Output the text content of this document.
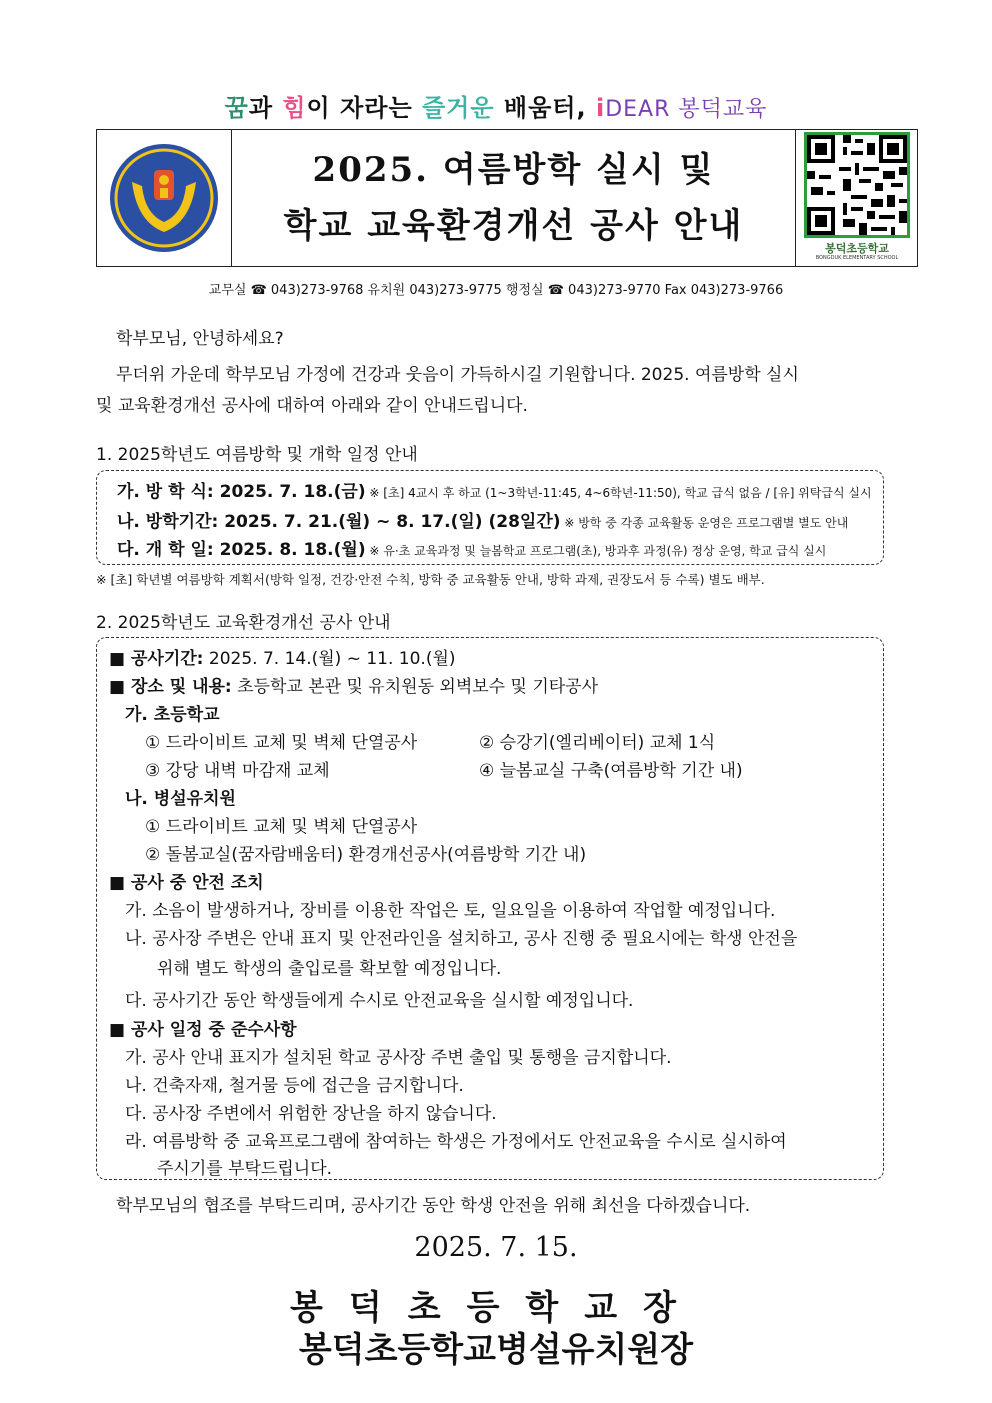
꿈과 힘이 자라는 즐거운 배움터, iDEAR 봉덕교육
2025. 여름방학 실시 및
학교 교육환경개선 공사 안내
봉덕초등학교
BONGDUK ELEMENTARY SCHOOL
교무실 ☎ 043)273-9768 유치원 043)273-9775 행정실 ☎ 043)273-9770 Fax 043)273-9766
학부모님, 안녕하세요?
무더위 가운데 학부모님 가정에 건강과 웃음이 가득하시길 기원합니다. 2025. 여름방학 실시
및 교육환경개선 공사에 대하여 아래와 같이 안내드립니다.
1. 2025학년도 여름방학 및 개학 일정 안내
가. 방 학 식: 2025. 7. 18.(금) ※ [초] 4교시 후 하교 (1~3학년-11:45, 4~6학년-11:50), 학교 급식 없음 / [유] 위탁급식 실시
나. 방학기간: 2025. 7. 21.(월) ~ 8. 17.(일) (28일간) ※ 방학 중 각종 교육활동 운영은 프로그램별 별도 안내
다. 개 학 일: 2025. 8. 18.(월) ※ 유·초 교육과정 및 늘봄학교 프로그램(초), 방과후 과정(유) 정상 운영, 학교 급식 실시
※ [초] 학년별 여름방학 계획서(방학 일정, 건강·안전 수칙, 방학 중 교육활동 안내, 방학 과제, 권장도서 등 수록) 별도 배부.
2. 2025학년도 교육환경개선 공사 안내
■ 공사기간: 2025. 7. 14.(월) ~ 11. 10.(월)
■ 장소 및 내용: 초등학교 본관 및 유치원동 외벽보수 및 기타공사
가. 초등학교
① 드라이비트 교체 및 벽체 단열공사	② 승강기(엘리베이터) 교체 1식
③ 강당 내벽 마감재 교체	④ 늘봄교실 구축(여름방학 기간 내)
나. 병설유치원
① 드라이비트 교체 및 벽체 단열공사
② 돌봄교실(꿈자람배움터) 환경개선공사(여름방학 기간 내)
■ 공사 중 안전 조치
가. 소음이 발생하거나, 장비를 이용한 작업은 토, 일요일을 이용하여 작업할 예정입니다.
나. 공사장 주변은 안내 표지 및 안전라인을 설치하고, 공사 진행 중 필요시에는 학생 안전을
위해 별도 학생의 출입로를 확보할 예정입니다.
다. 공사기간 동안 학생들에게 수시로 안전교육을 실시할 예정입니다.
■ 공사 일정 중 준수사항
가. 공사 안내 표지가 설치된 학교 공사장 주변 출입 및 통행을 금지합니다.
나. 건축자재, 철거물 등에 접근을 금지합니다.
다. 공사장 주변에서 위험한 장난을 하지 않습니다.
라. 여름방학 중 교육프로그램에 참여하는 학생은 가정에서도 안전교육을 수시로 실시하여
주시기를 부탁드립니다.
학부모님의 협조를 부탁드리며, 공사기간 동안 학생 안전을 위해 최선을 다하겠습니다.
2025. 7. 15.
봉덕초등학교장
봉덕초등학교병설유치원장
